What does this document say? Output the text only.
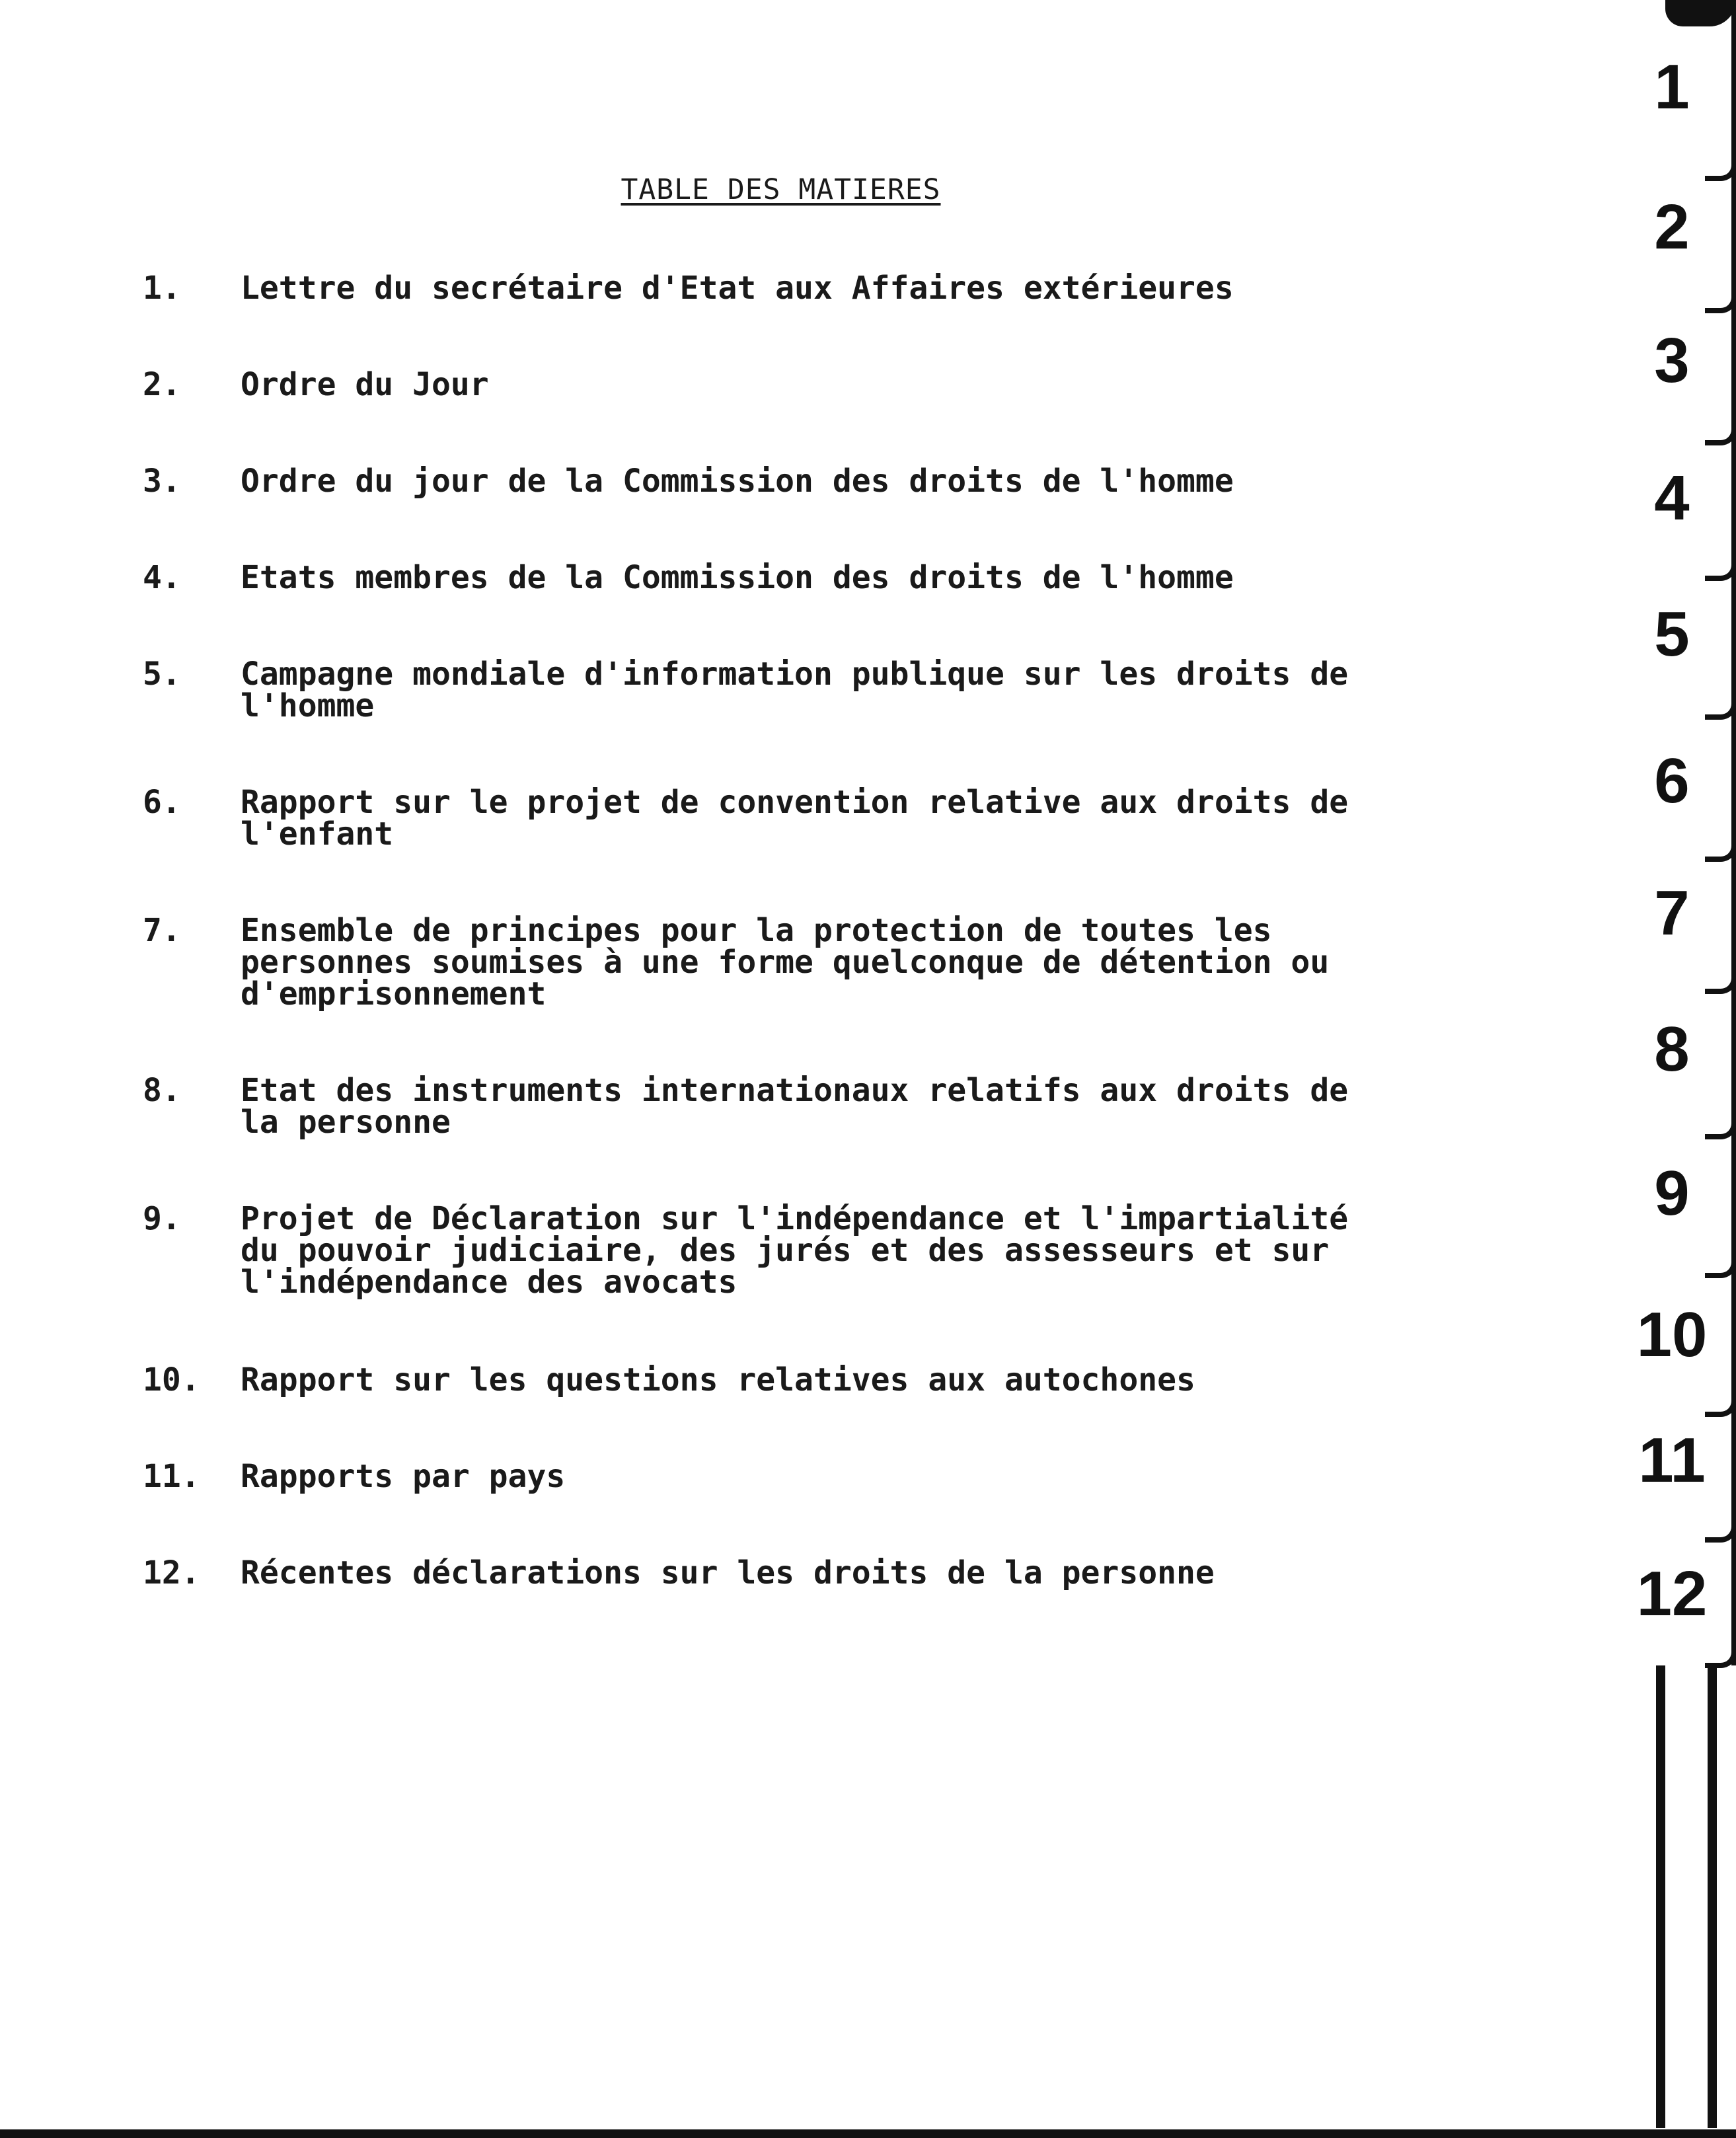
TABLE DES MATIERES
1.	Lettre du secrétaire d'Etat aux Affaires extérieures
2.	Ordre du Jour
3.	Ordre du jour de la Commission des droits de l'homme
4.	Etats membres de la Commission des droits de l'homme
5.	Campagne mondiale d'information publique sur les droits de
l'homme
6.	Rapport sur le projet de convention relative aux droits de
l'enfant
7.	Ensemble de principes pour la protection de toutes les
personnes soumises à une forme quelconque de détention ou
d'emprisonnement
8.	Etat des instruments internationaux relatifs aux droits de
la personne
9.	Projet de Déclaration sur l'indépendance et l'impartialité
du pouvoir judiciaire, des jurés et des assesseurs et sur
l'indépendance des avocats
10.	Rapport sur les questions relatives aux autochones
11.	Rapports par pays
12.	Récentes déclarations sur les droits de la personne
1
2
3
4
5
6
7
8
9
10
11
12
